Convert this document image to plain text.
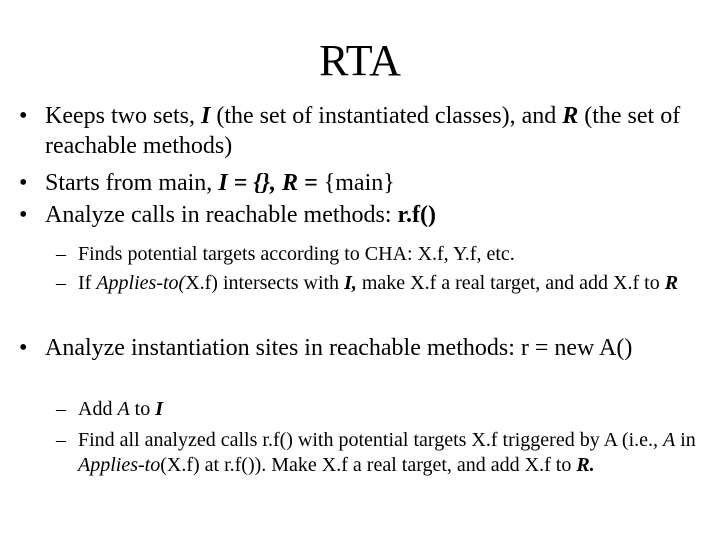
RTA
• Keeps two sets, I (the set of instantiated classes), and R (the set of reachable methods)
• Starts from main, I = {}, R = {main}
• Analyze calls in reachable methods: r.f()
– Finds potential targets according to CHA: X.f, Y.f, etc.
– If Applies-to(X.f) intersects with I, make X.f a real target, and add X.f to R
• Analyze instantiation sites in reachable methods: r = new A()
– Add A to I
– Find all analyzed calls r.f() with potential targets X.f triggered by A (i.e., A in Applies-to(X.f) at r.f()). Make X.f a real target, and add X.f to R.
